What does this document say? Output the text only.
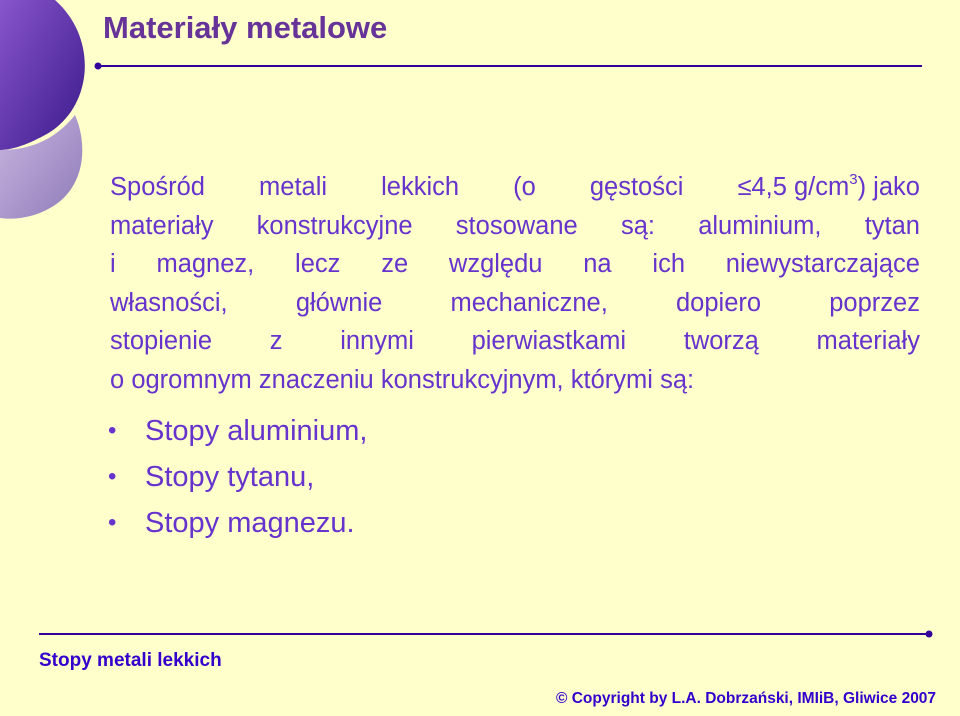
Materiały metalowe
Spośród metali lekkich (o gęstości ≤4,5 $g/cm^3$) jako
materiały konstrukcyjne stosowane są: aluminium, tytan
i magnez, lecz ze względu na ich niewystarczające
własności,	głównie	mechaniczne,	dopiero	poprzez
stopienie z innymi pierwiastkami tworzą materiały
o ogromnym znaczeniu konstrukcyjnym, którymi są:
• Stopy aluminium,
• Stopy tytanu,
• Stopy magnezu.
Stopy metali lekkich
© Copyright by L.A. Dobrzański, IMIiB, Gliwice 2007
